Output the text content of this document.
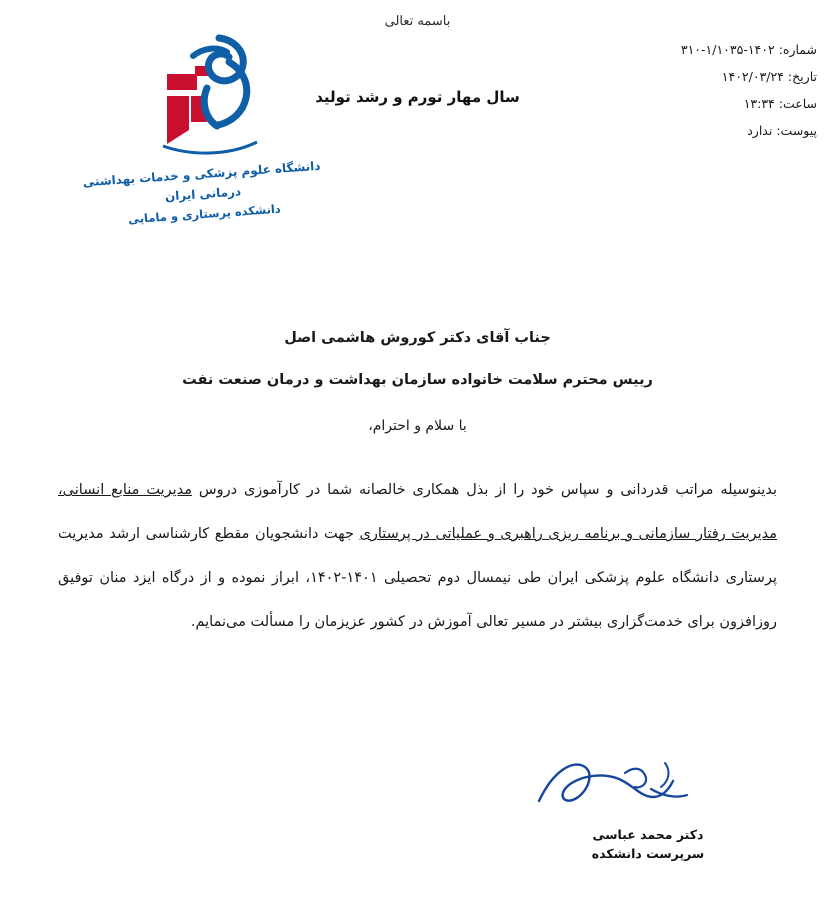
باسمه تعالی
سال مهار تورم و رشد تولید
شماره: ۱۴۰۲-۱/۱۰۳۵-۳۱۰
تاریخ: ۱۴۰۲/۰۳/۲۴
ساعت: ۱۳:۳۴
پیوست: ندارد
دانشگاه علوم پزشکی و خدمات بهداشتی درمانی ایران
دانشکده پرستاری و مامایی
جناب آقای دکتر کوروش هاشمی اصل
رییس محترم سلامت خانواده سازمان بهداشت و درمان صنعت نفت
با سلام و احترام،
بدینوسیله مراتب قدردانی و سپاس خود را از بذل همکاری خالصانه شما در کارآموزی دروس مدیریت منابع انسانی، مدیریت رفتار سازمانی و برنامه ریزی راهبری و عملیاتی در پرستاری جهت دانشجویان مقطع کارشناسی ارشد مدیریت پرستاری دانشگاه علوم پزشکی ایران طی نیمسال دوم تحصیلی ۱۴۰۱-۱۴۰۲، ابراز نموده و از درگاه ایزد منان توفیق روزافزون برای خدمت‌گزاری بیشتر در مسیر تعالی آموزش در کشور عزیزمان را مسألت می‌نمایم.
دکتر محمد عباسی
سرپرست دانشکده
